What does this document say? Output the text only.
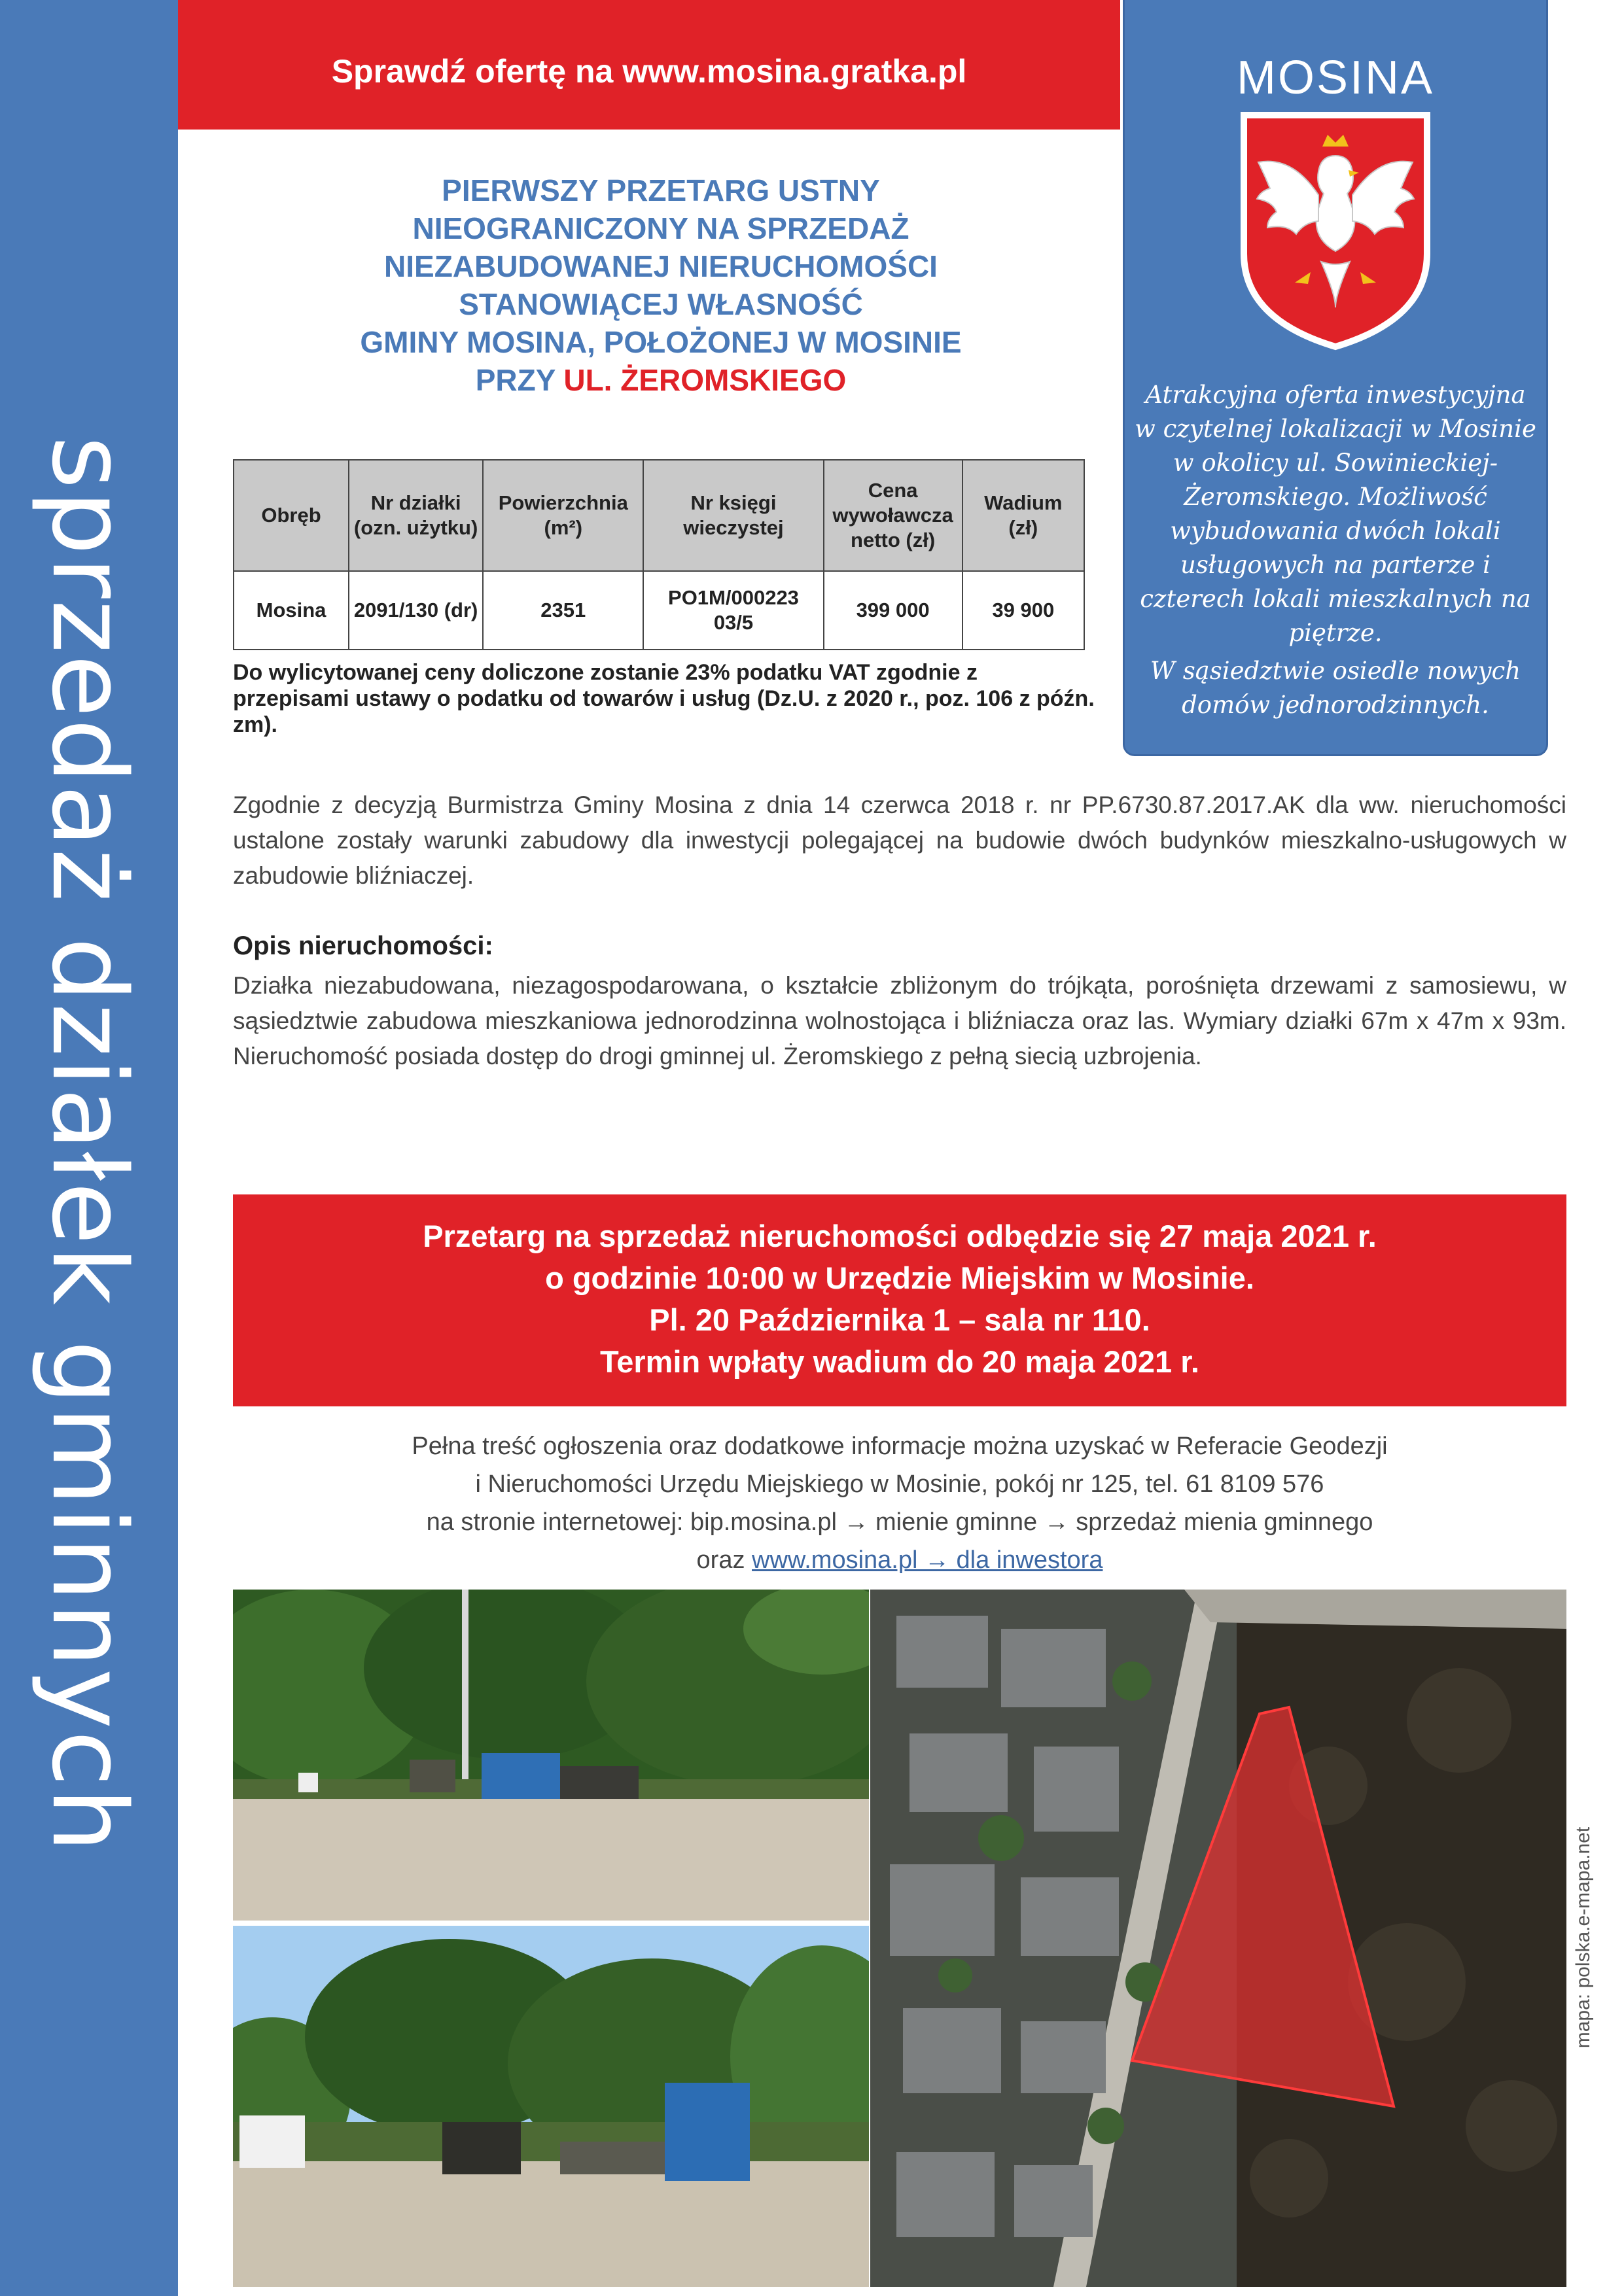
sprzedaż działek gminnych
Sprawdź ofertę na www.mosina.gratka.pl	MOSINA
Atrakcyjna oferta inwestycyjna w czytelnej lokalizacji w Mosinie w okolicy ul. Sowinieckiej- Żeromskiego. Możliwość wybudowania dwóch lokali usługowych na parterze i czterech lokali mieszkalnych na piętrze.
W sąsiedztwie osiedle nowych domów jednorodzinnych.
PIERWSZY PRZETARG USTNY
NIEOGRANICZONY NA SPRZEDAŻ
NIEZABUDOWANEJ NIERUCHOMOŚCI
STANOWIĄCEJ WŁASNOŚĆ
GMINY MOSINA, POŁOŻONEJ W MOSINIE
PRZY UL. ŻEROMSKIEGO
Obręb	Nr działki (ozn. użytku)	Powierzchnia (m²)	Nr księgi wieczystej	Cena wywoławcza netto (zł)	Wadium (zł)
Mosina	2091/130 (dr)	2351	PO1M/000223 03/5	399 000	39 900
Do wylicytowanej ceny doliczone zostanie 23% podatku VAT zgodnie z przepisami ustawy o podatku od towarów i usług (Dz.U. z 2020 r., poz. 106 z późn. zm).
Zgodnie z decyzją Burmistrza Gminy Mosina z dnia 14 czerwca 2018 r. nr PP.6730.87.2017.AK dla ww. nieruchomości ustalone zostały warunki zabudowy dla inwestycji polegającej na budowie dwóch budynków mieszkalno-usługowych w zabudowie bliźniaczej.
Opis nieruchomości:
Działka niezabudowana, niezagospodarowana, o kształcie zbliżonym do trójkąta, porośnięta drzewami z samosiewu, w sąsiedztwie zabudowa mieszkaniowa jednorodzinna wolnostojąca i bliźniacza oraz las. Wymiary działki 67m x 47m x 93m. Nieruchomość posiada dostęp do drogi gminnej ul. Żeromskiego z pełną siecią uzbrojenia.
Przetarg na sprzedaż nieruchomości odbędzie się 27 maja 2021 r.
o godzinie 10:00 w Urzędzie Miejskim w Mosinie.
Pl. 20 Października 1 – sala nr 110.
Termin wpłaty wadium do 20 maja 2021 r.
Pełna treść ogłoszenia oraz dodatkowe informacje można uzyskać w Referacie Geodezji
i Nieruchomości Urzędu Miejskiego w Mosinie, pokój nr 125, tel. 61 8109 576
na stronie internetowej: bip.mosina.pl → mienie gminne → sprzedaż mienia gminnego
oraz www.mosina.pl → dla inwestora
mapa: polska.e-mapa.net
